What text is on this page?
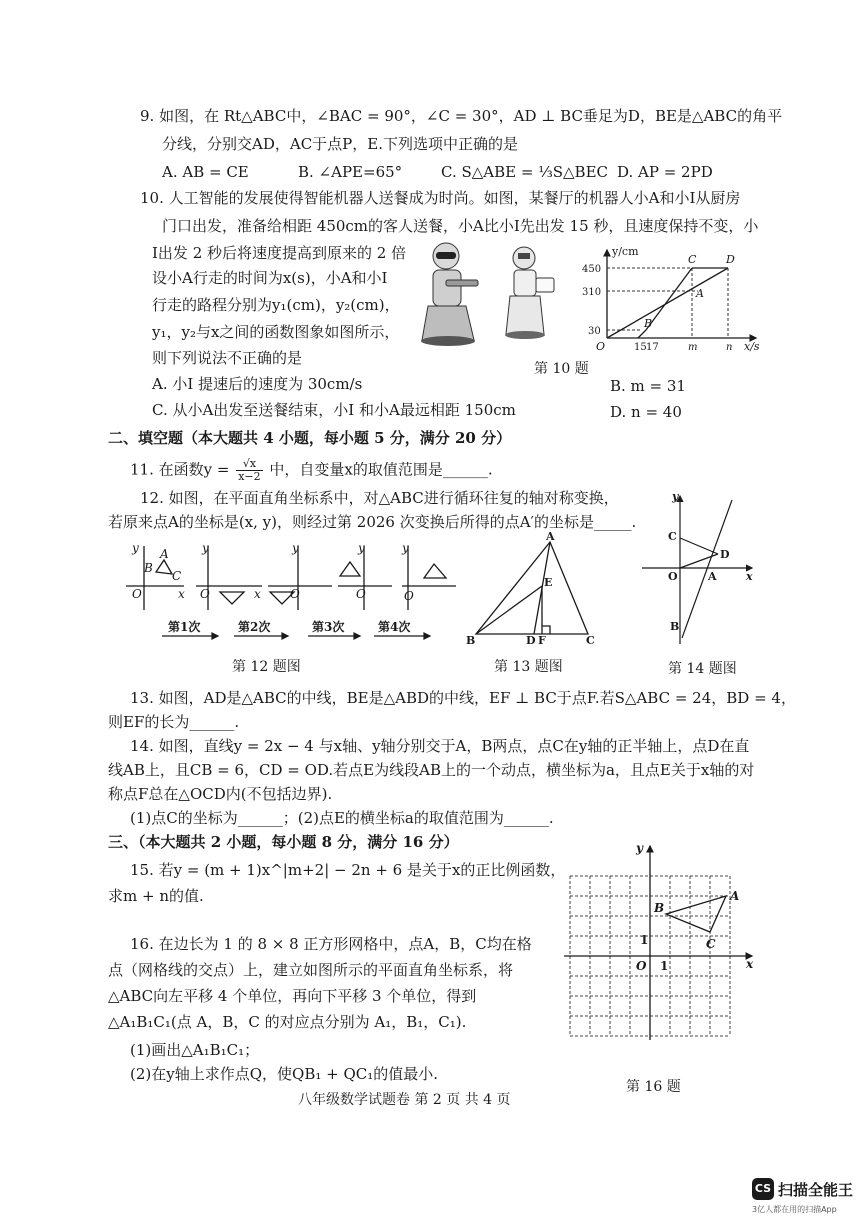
9. 如图，在 Rt△ABC中，∠BAC = 90°，∠C = 30°，AD ⊥ BC垂足为D，BE是△ABC的角平
分线，分别交AD，AC于点P，E.下列选项中正确的是
A. AB = CE	B. ∠APE=65°	C. S△ABE = ⅓S△BEC D. AP = 2PD
10. 人工智能的发展使得智能机器人送餐成为时尚。如图，某餐厅的机器人小A和小I从厨房
门口出发，准备给相距 450cm的客人送餐，小A比小I先出发 15 秒，且速度保持不变，小
I出发 2 秒后将速度提高到原来的 2 倍
设小A行走的时间为x(s)，小A和小I
行走的路程分别为y₁(cm)，y₂(cm)，
y₁，y₂与x之间的函数图象如图所示，
则下列说法不正确的是
A. 小I 提速后的速度为 30cm/s	B. m = 31
C. 从小A出发至送餐结束，小I 和小A最远相距 150cm	D. n = 40
y/cm
x/s
450
310
30
O	15 17	m	n
B
C
A
D
第 10 题
二、填空题（本大题共 4 小题，每小题 5 分，满分 20 分）
11. 在函数$y = \frac{√x}{x-2}$ 中，自变量x的取值范围是______.
12. 如图，在平面直角坐标系中，对△ABC进行循环往复的轴对称变换，
若原来点A的坐标是(x, y)，则经过第 2026 次变换后所得的点A′的坐标是_____.
y
O	x
A
B
C
y
O	x
y
O
y
O
y
O
第1次	第2次	第3次	第4次
第 12 题图
A
E
B	D F	C
第 13 题图
y
C
D
O	A	x
B
第 14 题图
13. 如图，AD是△ABC的中线，BE是△ABD的中线，EF ⊥ BC于点F.若S△ABC = 24，BD = 4，
则EF的长为______.
14. 如图，直线y = 2x − 4 与x轴、y轴分别交于A，B两点，点C在y轴的正半轴上，点D在直
线AB上，且CB = 6，CD = OD.若点E为线段AB上的一个动点，横坐标为a，且点E关于x轴的对
称点F总在△OCD内(不包括边界).
(1)点C的坐标为______；(2)点E的横坐标a的取值范围为______.
三、（本大题共 2 小题，每小题 8 分，满分 16 分）
15. 若y = (m + 1)x^|m+2| − 2n + 6 是关于x的正比例函数，
求m + n的值.
16. 在边长为 1 的 8 × 8 正方形网格中，点A，B，C均在格
点（网格线的交点）上，建立如图所示的平面直角坐标系，将
△ABC向左平移 4 个单位，再向下平移 3 个单位，得到
△A₁B₁C₁(点 A，B，C 的对应点分别为 A₁，B₁，C₁).
(1)画出△A₁B₁C₁；
(2)在y轴上求作点Q，使QB₁ + QC₁的值最小.
y
x
O 1
1
A
B
C
第 16 题
八年级数学试题卷 第 2 页 共 4 页
CS 扫描全能王
3亿人都在用的扫描App
